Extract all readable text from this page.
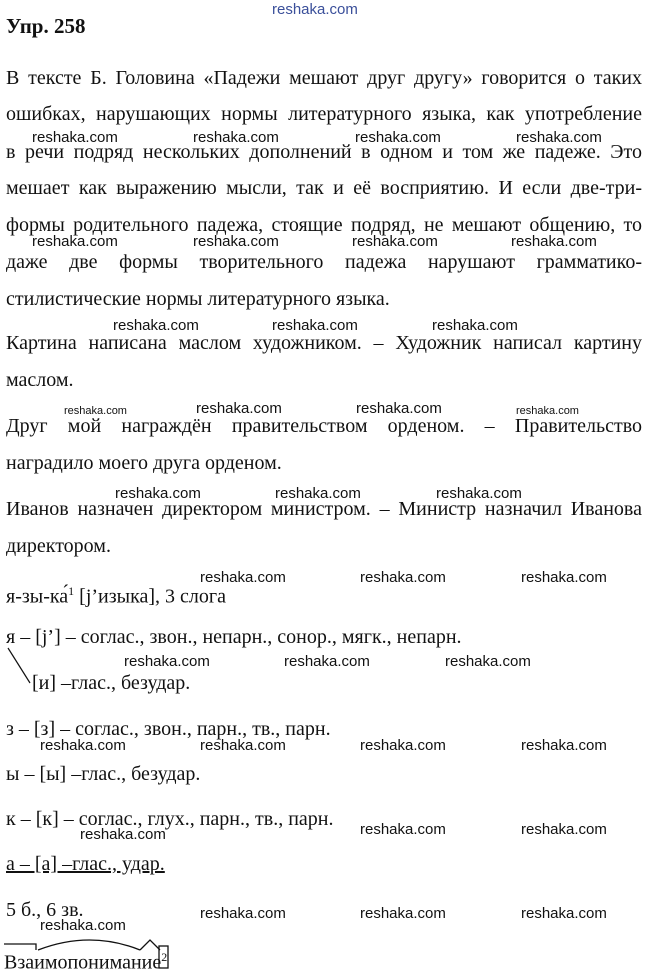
reshaka.com
Упр. 258
В тексте Б. Головина «Падежи мешают друг другу» говорится о таких
ошибках, нарушающих нормы литературного языка, как употребление
в речи подряд нескольких дополнений в одном и том же падеже. Это
мешает как выражению мысли, так и её восприятию. И если две-три-
формы родительного падежа, стоящие подряд, не мешают общению, то
даже две формы творительного падежа нарушают грамматико-
стилистические нормы литературного языка.
Картина написана маслом художником. – Художник написал картину
маслом.
Друг мой награждён правительством орденом. – Правительство
наградило моего друга орденом.
Иванов назначен директором министром. – Министр назначил Иванова
директором.
я-зы-ка́$^1$ [j’изыка], 3 слога
я – [j’] – соглас., звон., непарн., сонор., мягк., непарн.
[и] –глас., безудар.
з – [з] – соглас., звон., парн., тв., парн.
ы – [ы] –глас., безудар.
к – [к] – соглас., глух., парн., тв., парн.
а – [а] –глас., удар.
5 б., 6 зв.
Взаимопонимание$^2$
reshaka.com	reshaka.com	reshaka.com	reshaka.com
reshaka.com	reshaka.com	reshaka.com	reshaka.com
reshaka.com	reshaka.com	reshaka.com
reshaka.com	reshaka.com	reshaka.com	reshaka.com
reshaka.com	reshaka.com	reshaka.com
reshaka.com	reshaka.com	reshaka.com
reshaka.com	reshaka.com	reshaka.com
reshaka.com	reshaka.com	reshaka.com	reshaka.com
reshaka.com	reshaka.com	reshaka.com
reshaka.com	reshaka.com	reshaka.com
reshaka.com
